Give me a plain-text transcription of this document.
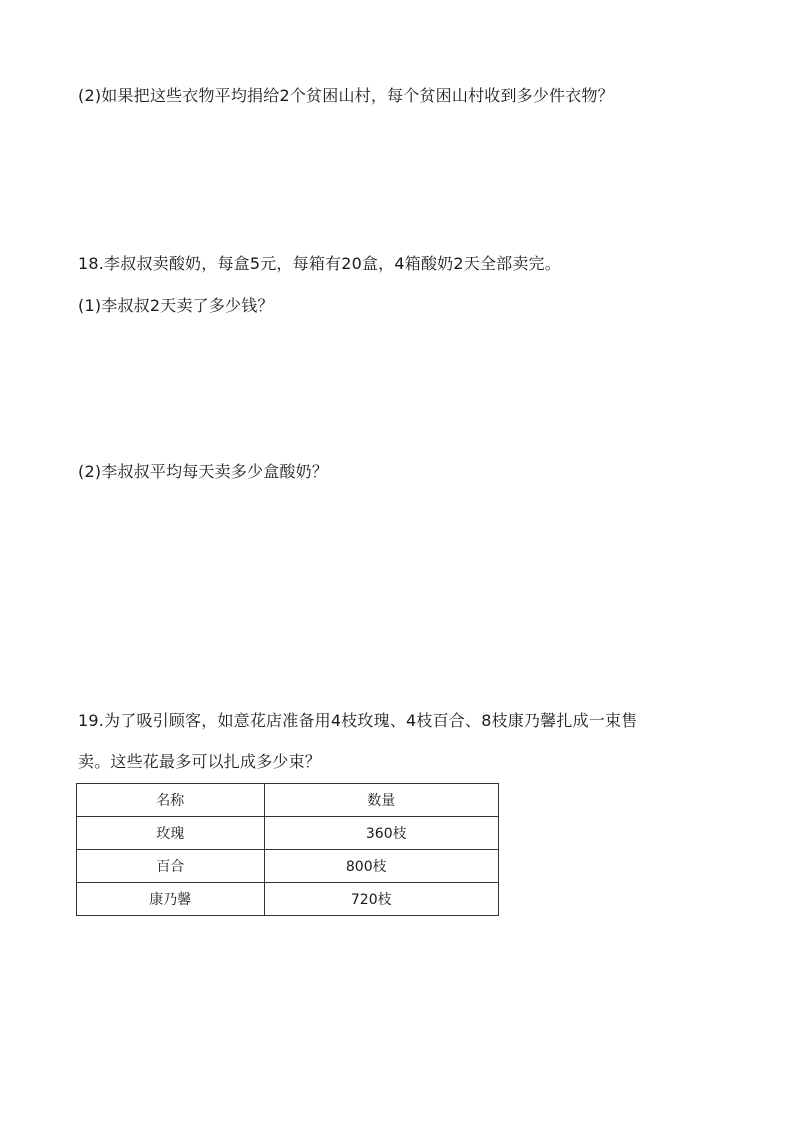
(2)如果把这些衣物平均捐给2个贫困山村，每个贫困山村收到多少件衣物？
18.李叔叔卖酸奶，每盒5元，每箱有20盒，4箱酸奶2天全部卖完。
(1)李叔叔2天卖了多少钱？
(2)李叔叔平均每天卖多少盒酸奶？
19.为了吸引顾客，如意花店准备用4枝玫瑰、4枝百合、8枝康乃馨扎成一束售
卖。这些花最多可以扎成多少束？
名称	数量
玫瑰	360枝
百合	800枝
康乃馨	720枝
